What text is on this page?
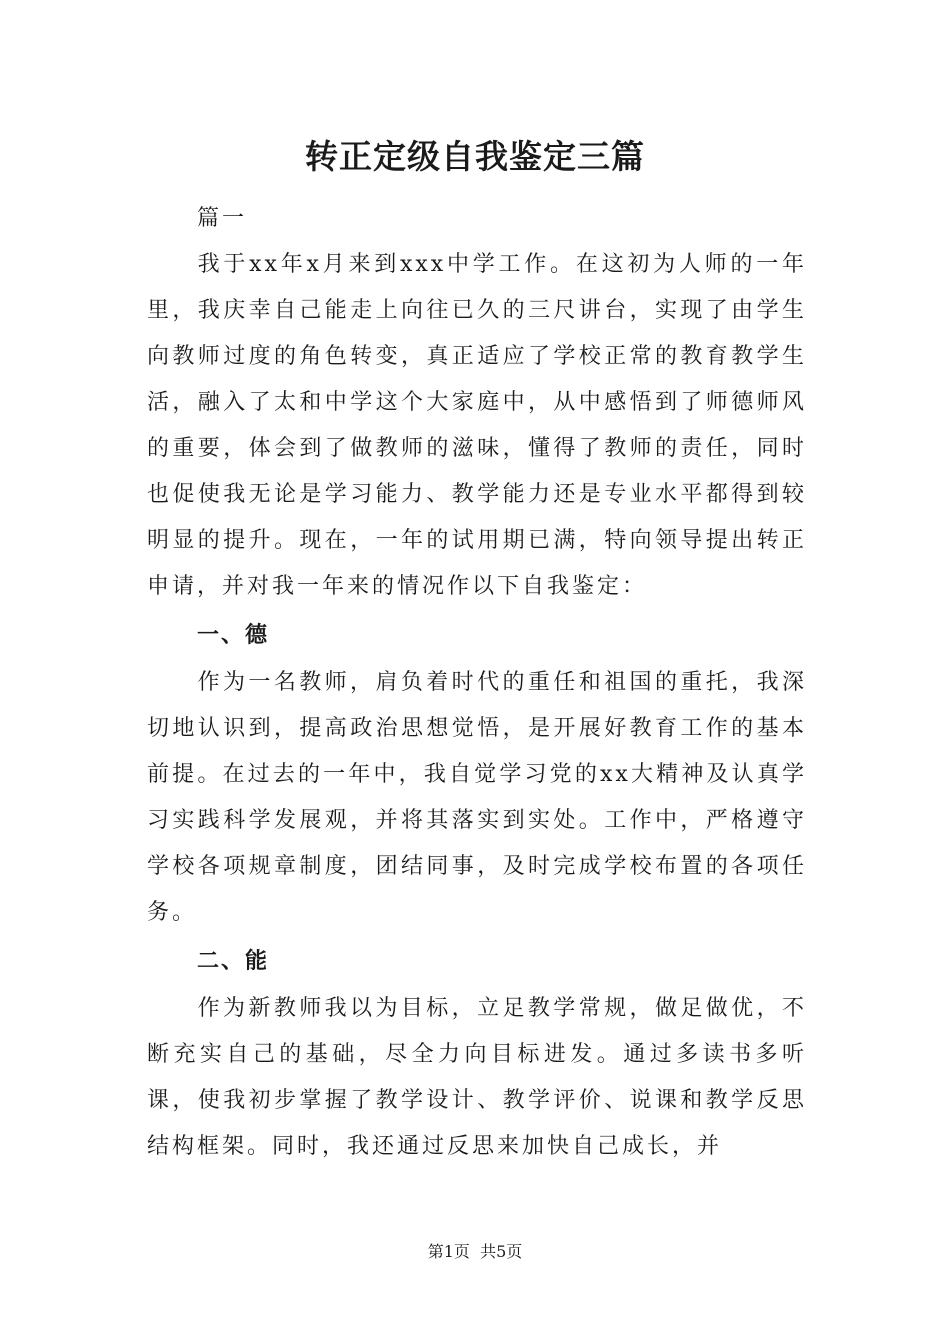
转正定级自我鉴定三篇

篇一

我于xx年x月来到xxx中学工作。在这初为人师的一年里，我庆幸自己能走上向往已久的三尺讲台，实现了由学生向教师过度的角色转变，真正适应了学校正常的教育教学生活，融入了太和中学这个大家庭中，从中感悟到了师德师风的重要，体会到了做教师的滋味，懂得了教师的责任，同时也促使我无论是学习能力、教学能力还是专业水平都得到较明显的提升。现在，一年的试用期已满，特向领导提出转正申请，并对我一年来的情况作以下自我鉴定：

一、德

作为一名教师，肩负着时代的重任和祖国的重托，我深切地认识到，提高政治思想觉悟，是开展好教育工作的基本前提。在过去的一年中，我自觉学习党的xx大精神及认真学习实践科学发展观，并将其落实到实处。工作中，严格遵守学校各项规章制度，团结同事，及时完成学校布置的各项任务。

二、能

作为新教师我以为目标，立足教学常规，做足做优，不断充实自己的基础，尽全力向目标进发。通过多读书多听课，使我初步掌握了教学设计、教学评价、说课和教学反思结构框架。同时，我还通过反思来加快自己成长，并

第1页  共5页
